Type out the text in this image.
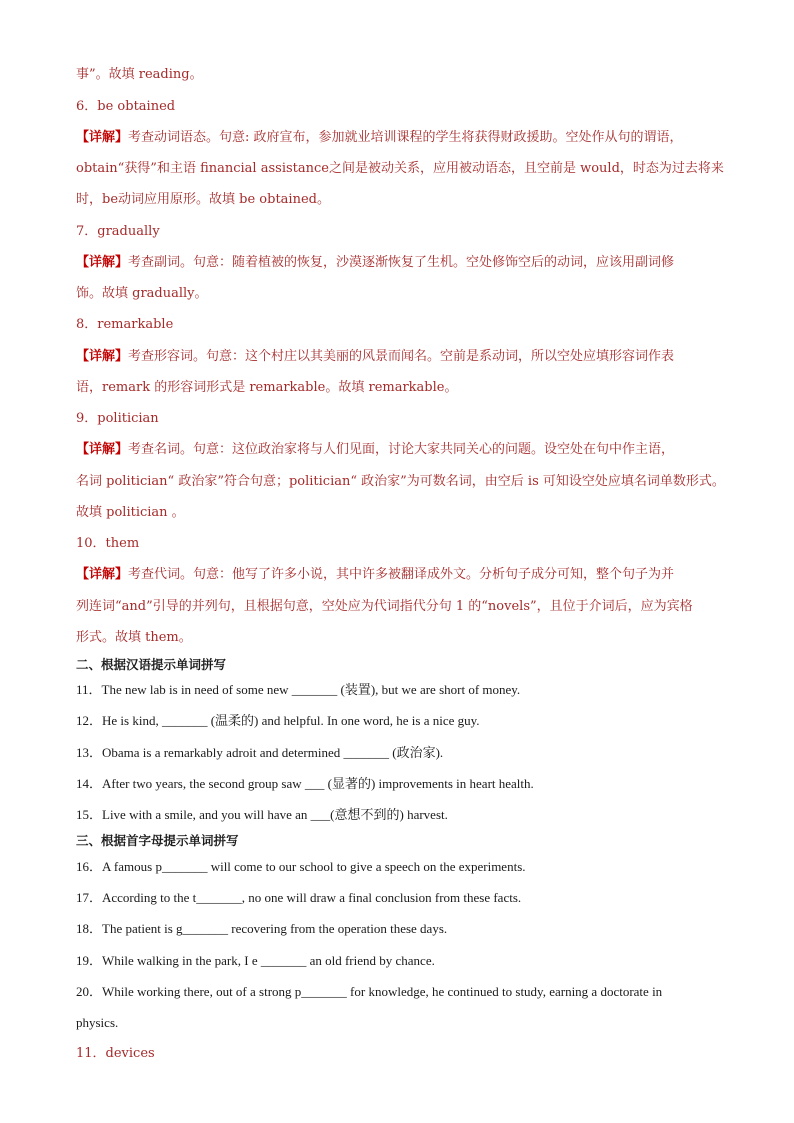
事”。故填 reading。
6．be obtained
【详解】考查动词语态。句意: 政府宣布，参加就业培训课程的学生将获得财政援助。空处作从句的谓语，
obtain“获得”和主语 financial assistance之间是被动关系，应用被动语态，且空前是 would，时态为过去将来
时，be动词应用原形。故填 be obtained。
7．gradually
【详解】考查副词。句意：随着植被的恢复，沙漠逐渐恢复了生机。空处修饰空后的动词，应该用副词修
饰。故填 gradually。
8．remarkable
【详解】考查形容词。句意：这个村庄以其美丽的风景而闻名。空前是系动词，所以空处应填形容词作表
语，remark 的形容词形式是 remarkable。故填 remarkable。
9．politician
【详解】考查名词。句意：这位政治家将与人们见面，讨论大家共同关心的问题。设空处在句中作主语，
名词 politician“ 政治家”符合句意；politician“ 政治家”为可数名词，由空后 is 可知设空处应填名词单数形式。
故填 politician 。
10．them
【详解】考查代词。句意：他写了许多小说，其中许多被翻译成外文。分析句子成分可知，整个句子为并
列连词“and”引导的并列句，且根据句意，空处应为代词指代分句 1 的“novels”，且位于介词后，应为宾格
形式。故填 them。
二、根据汉语提示单词拼写
11．The new lab is in need of some new _______ (装置), but we are short of money.
12．He is kind, _______ (温柔的) and helpful. In one word, he is a nice guy.
13．Obama is a remarkably adroit and determined _______ (政治家).
14．After two years, the second group saw ___ (显著的) improvements in heart health.
15．Live with a smile, and you will have an ___(意想不到的) harvest.
三、根据首字母提示单词拼写
16．A famous p_______ will come to our school to give a speech on the experiments.
17．According to the t_______, no one will draw a final conclusion from these facts.
18．The patient is g_______ recovering from the operation these days.
19．While walking in the park, I e _______ an old friend by chance.
20．While working there, out of a strong p_______ for knowledge, he continued to study, earning a doctorate in
physics.
11．devices
